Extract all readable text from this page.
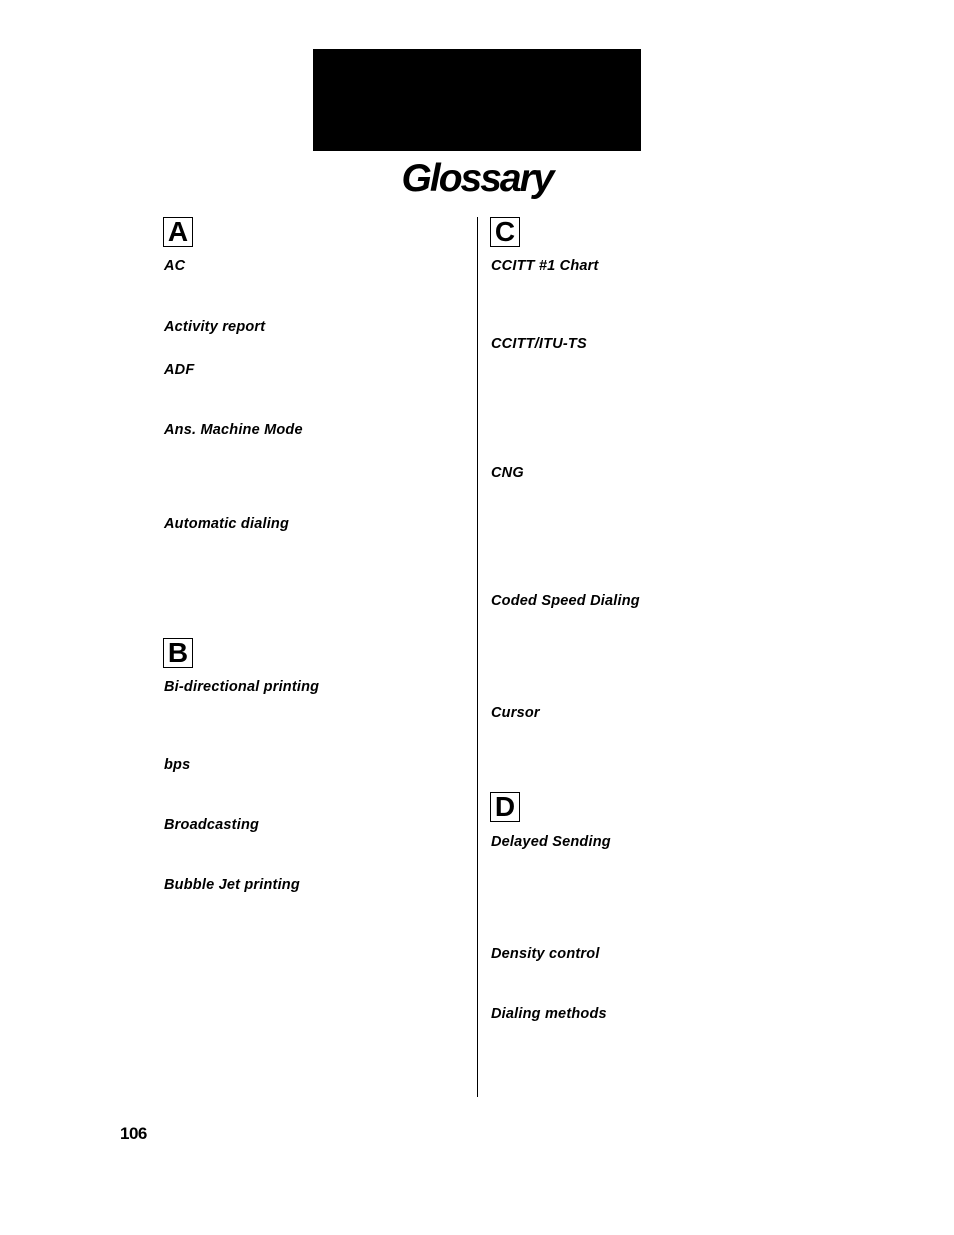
Glossary
A
AC
Activity report
ADF
Ans. Machine Mode
Automatic dialing
B
Bi-directional printing
bps
Broadcasting
Bubble Jet printing
C
CCITT #1 Chart
CCITT/ITU-TS
CNG
Coded Speed Dialing
Cursor
D
Delayed Sending
Density control
Dialing methods
106
